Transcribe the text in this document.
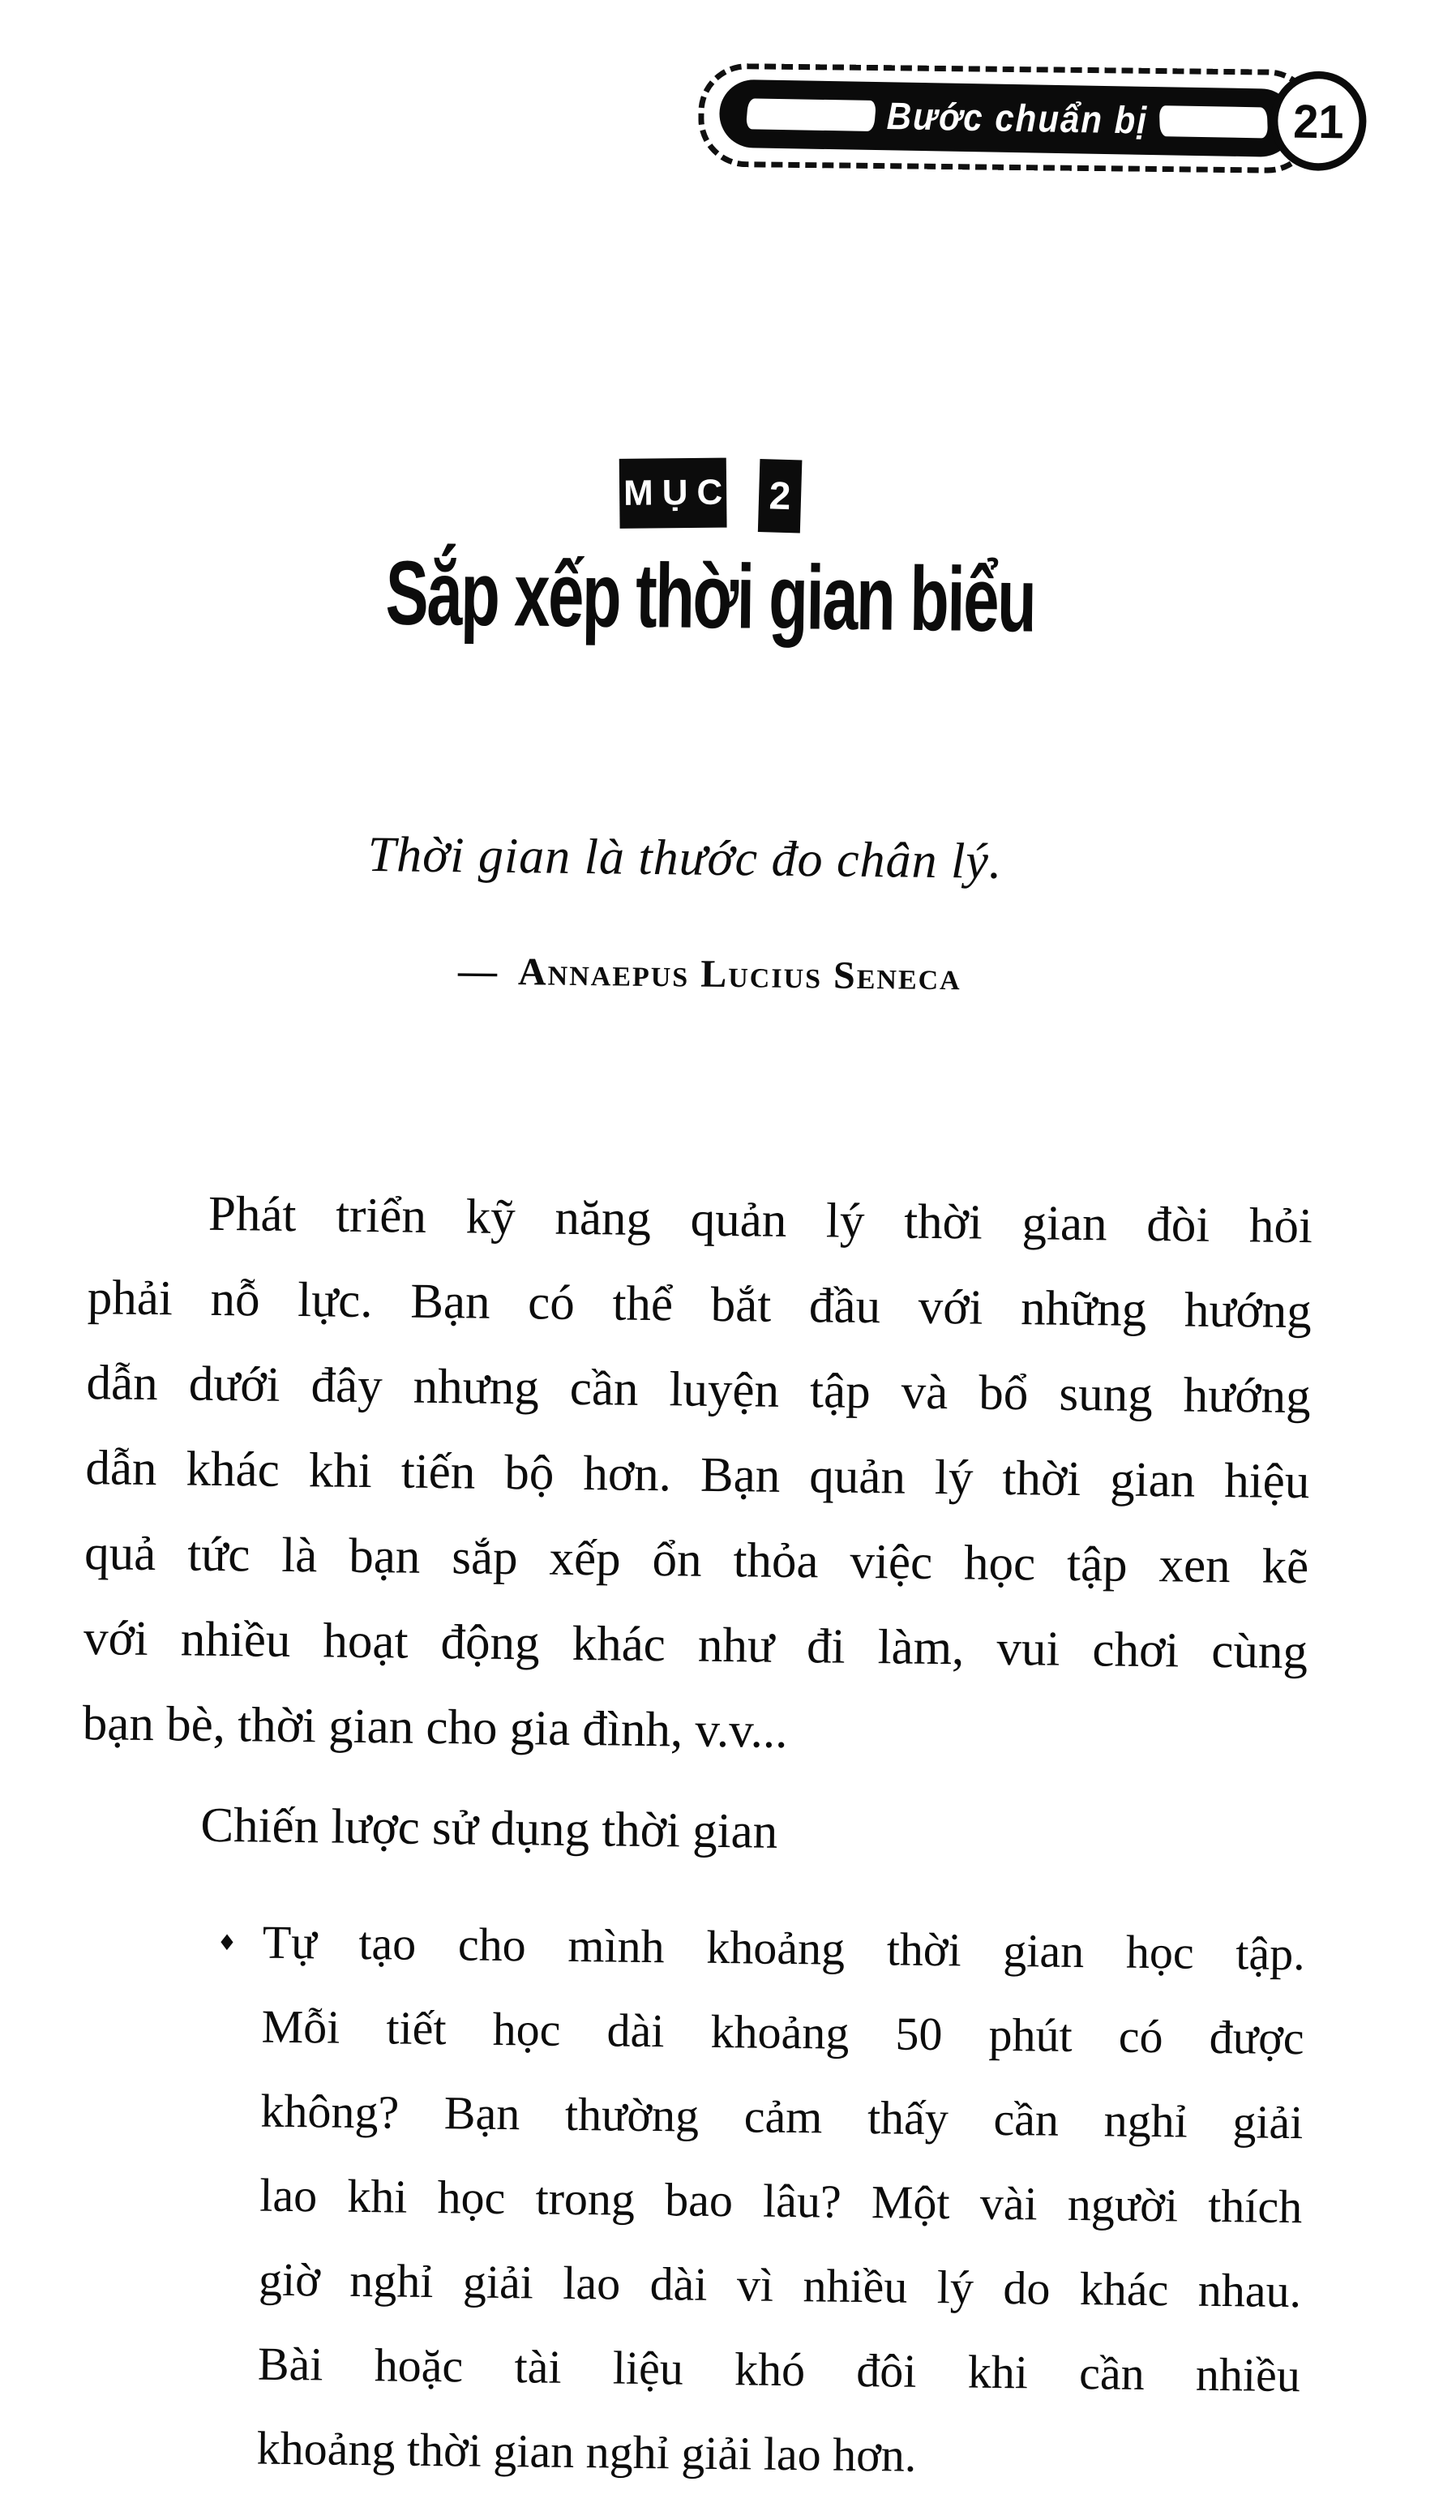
Bước chuẩn bị	21
MỤC 2
Sắp xếp thời gian biểu
Thời gian là thước đo chân lý.
— Annaepus Lucius Seneca
Phát triển kỹ năng quản lý thời gian đòi hỏi
phải nỗ lực. Bạn có thể bắt đầu với những hướng
dẫn dưới đây nhưng cần luyện tập và bổ sung hướng
dẫn khác khi tiến bộ hơn. Bạn quản lý thời gian hiệu
quả tức là bạn sắp xếp ổn thỏa việc học tập xen kẽ
với nhiều hoạt động khác như đi làm, vui chơi cùng
bạn bè, thời gian cho gia đình, v.v...
Chiến lược sử dụng thời gian
♦ Tự tạo cho mình khoảng thời gian học tập.
Mỗi tiết học dài khoảng 50 phút có được
không? Bạn thường cảm thấy cần nghỉ giải
lao khi học trong bao lâu? Một vài người thích
giờ nghỉ giải lao dài vì nhiều lý do khác nhau.
Bài hoặc tài liệu khó đôi khi cần nhiều
khoảng thời gian nghỉ giải lao hơn.
